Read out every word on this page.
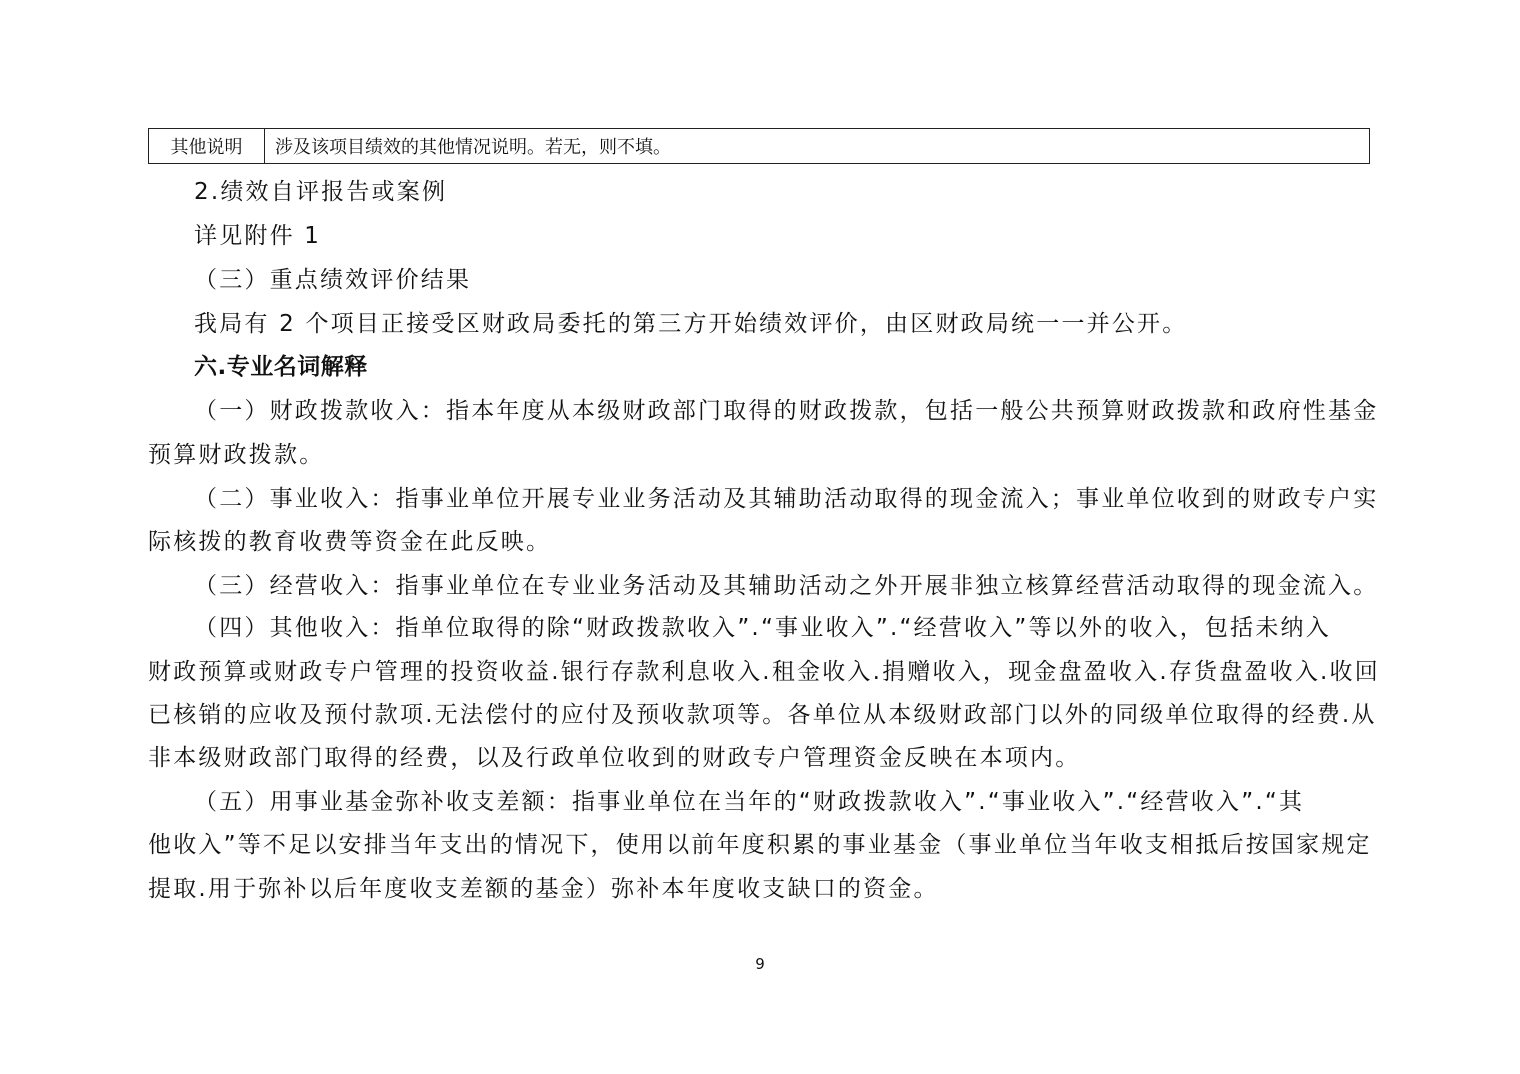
其他说明	涉及该项目绩效的其他情况说明。若无，则不填。
2.绩效自评报告或案例
详见附件 1
（三）重点绩效评价结果
我局有 2 个项目正接受区财政局委托的第三方开始绩效评价，由区财政局统一一并公开。
六.专业名词解释
（一）财政拨款收入：指本年度从本级财政部门取得的财政拨款，包括一般公共预算财政拨款和政府性基金
预算财政拨款。
（二）事业收入：指事业单位开展专业业务活动及其辅助活动取得的现金流入；事业单位收到的财政专户实
际核拨的教育收费等资金在此反映。
（三）经营收入：指事业单位在专业业务活动及其辅助活动之外开展非独立核算经营活动取得的现金流入。
（四）其他收入：指单位取得的除“财政拨款收入”.“事业收入”.“经营收入”等以外的收入，包括未纳入
财政预算或财政专户管理的投资收益.银行存款利息收入.租金收入.捐赠收入，现金盘盈收入.存货盘盈收入.收回
已核销的应收及预付款项.无法偿付的应付及预收款项等。各单位从本级财政部门以外的同级单位取得的经费.从
非本级财政部门取得的经费，以及行政单位收到的财政专户管理资金反映在本项内。
（五）用事业基金弥补收支差额：指事业单位在当年的“财政拨款收入”.“事业收入”.“经营收入”.“其
他收入”等不足以安排当年支出的情况下，使用以前年度积累的事业基金（事业单位当年收支相抵后按国家规定
提取.用于弥补以后年度收支差额的基金）弥补本年度收支缺口的资金。
9
